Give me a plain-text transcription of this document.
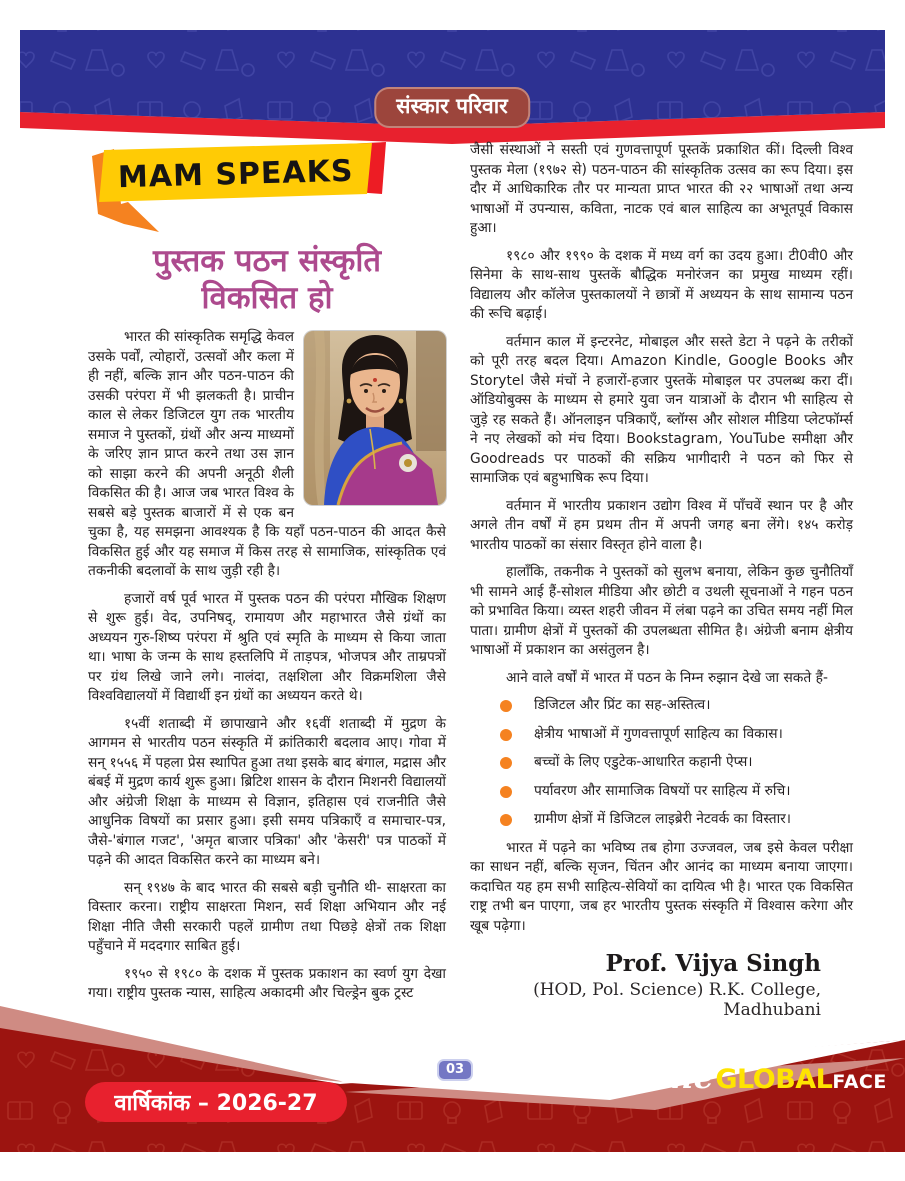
संस्कार परिवार
MAM SPEAKS
पुस्तक पठन संस्कृति
विकसित हो

भारत की सांस्कृतिक समृद्धि केवल उसके पर्वों, त्योहारों, उत्सवों और कला में ही नहीं, बल्कि ज्ञान और पठन-पाठन की उसकी परंपरा में भी झलकती है। प्राचीन काल से लेकर डिजिटल युग तक भारतीय समाज ने पुस्तकों, ग्रंथों और अन्य माध्यमों के जरिए ज्ञान प्राप्त करने तथा उस ज्ञान को साझा करने की अपनी अनूठी शैली विकसित की है। आज जब भारत विश्व के सबसे बड़े पुस्तक बाजारों में से एक बन चुका है, यह समझना आवश्यक है कि यहाँ पठन-पाठन की आदत कैसे विकसित हुई और यह समाज में किस तरह से सामाजिक, सांस्कृतिक एवं तकनीकी बदलावों के साथ जुड़ी रही है।

हजारों वर्ष पूर्व भारत में पुस्तक पठन की परंपरा मौखिक शिक्षण से शुरू हुई। वेद, उपनिषद्, रामायण और महाभारत जैसे ग्रंथों का अध्ययन गुरु-शिष्य परंपरा में श्रुति एवं स्मृति के माध्यम से किया जाता था। भाषा के जन्म के साथ हस्तलिपि में ताड़पत्र, भोजपत्र और ताम्रपत्रों पर ग्रंथ लिखे जाने लगे। नालंदा, तक्षशिला और विक्रमशिला जैसे विश्वविद्यालयों में विद्यार्थी इन ग्रंथों का अध्ययन करते थे।

१५वीं शताब्दी में छापाखाने और १६वीं शताब्दी में मुद्रण के आगमन से भारतीय पठन संस्कृति में क्रांतिकारी बदलाव आए। गोवा में सन् १५५६ में पहला प्रेस स्थापित हुआ तथा इसके बाद बंगाल, मद्रास और बंबई में मुद्रण कार्य शुरू हुआ। ब्रिटिश शासन के दौरान मिशनरी विद्यालयों और अंग्रेजी शिक्षा के माध्यम से विज्ञान, इतिहास एवं राजनीति जैसे आधुनिक विषयों का प्रसार हुआ। इसी समय पत्रिकाएँ व समाचार-पत्र, जैसे-'बंगाल गजट', 'अमृत बाजार पत्रिका' और 'केसरी' पत्र पाठकों में पढ़ने की आदत विकसित करने का माध्यम बने।

सन् १९४७ के बाद भारत की सबसे बड़ी चुनौति थी- साक्षरता का विस्तार करना। राष्ट्रीय साक्षरता मिशन, सर्व शिक्षा अभियान और नई शिक्षा नीति जैसी सरकारी पहलें ग्रामीण तथा पिछड़े क्षेत्रों तक शिक्षा पहुँचाने में मददगार साबित हुई।

१९५० से १९८० के दशक में पुस्तक प्रकाशन का स्वर्ण युग देखा गया। राष्ट्रीय पुस्तक न्यास, साहित्य अकादमी और चिल्ड्रेन बुक ट्रस्ट

जैसी संस्थाओं ने सस्ती एवं गुणवत्तापूर्ण पूस्तकें प्रकाशित कीं। दिल्ली विश्व पुस्तक मेला (१९७२ से) पठन-पाठन की सांस्कृतिक उत्सव का रूप दिया। इस दौर में आधिकारिक तौर पर मान्यता प्राप्त भारत की २२ भाषाओं तथा अन्य भाषाओं में उपन्यास, कविता, नाटक एवं बाल साहित्य का अभूतपूर्व विकास हुआ।

१९८० और १९९० के दशक में मध्य वर्ग का उदय हुआ। टी0वी0 और सिनेमा के साथ-साथ पुस्तकें बौद्धिक मनोरंजन का प्रमुख माध्यम रहीं। विद्यालय और कॉलेज पुस्तकालयों ने छात्रों में अध्ययन के साथ सामान्य पठन की रूचि बढ़ाई।

वर्तमान काल में इन्टरनेट, मोबाइल और सस्ते डेटा ने पढ़ने के तरीकों को पूरी तरह बदल दिया। Amazon Kindle, Google Books और Storytel जैसे मंचों ने हजारों-हजार पुस्तकें मोबाइल पर उपलब्ध करा दीं। ऑडियोबुक्स के माध्यम से हमारे युवा जन यात्राओं के दौरान भी साहित्य से जुड़े रह सकते हैं। ऑनलाइन पत्रिकाएँ, ब्लॉग्स और सोशल मीडिया प्लेटफॉर्म्स ने नए लेखकों को मंच दिया। Bookstagram, YouTube समीक्षा और Goodreads पर पाठकों की सक्रिय भागीदारी ने पठन को फिर से सामाजिक एवं बहुभाषिक रूप दिया।

वर्तमान में भारतीय प्रकाशन उद्योग विश्व में पाँचवें स्थान पर है और अगले तीन वर्षों में हम प्रथम तीन में अपनी जगह बना लेंगे। १४५ करोड़ भारतीय पाठकों का संसार विस्तृत होने वाला है।

हालाँकि, तकनीक ने पुस्तकों को सुलभ बनाया, लेकिन कुछ चुनौतियाँ भी सामने आई हैं-सोशल मीडिया और छोटी व उथली सूचनाओं ने गहन पठन को प्रभावित किया। व्यस्त शहरी जीवन में लंबा पढ़ने का उचित समय नहीं मिल पाता। ग्रामीण क्षेत्रों में पुस्तकों की उपलब्धता सीमित है। अंग्रेजी बनाम क्षेत्रीय भाषाओं में प्रकाशन का असंतुलन है।

आने वाले वर्षों में भारत में पठन के निम्न रुझान देखे जा सकते हैं-

डिजिटल और प्रिंट का सह-अस्तित्व।
क्षेत्रीय भाषाओं में गुणवत्तापूर्ण साहित्य का विकास।
बच्चों के लिए एडुटेक-आधारित कहानी ऐप्स।
पर्यावरण और सामाजिक विषयों पर साहित्य में रुचि।
ग्रामीण क्षेत्रों में डिजिटल लाइब्रेरी नेटवर्क का विस्तार।

भारत में पढ़ने का भविष्य तब होगा उज्जवल, जब इसे केवल परीक्षा का साधन नहीं, बल्कि सृजन, चिंतन और आनंद का माध्यम बनाया जाएगा। कदाचित यह हम सभी साहित्य-सेवियों का दायित्व भी है। भारत एक विकसित राष्ट्र तभी बन पाएगा, जब हर भारतीय पुस्तक संस्कृति में विश्वास करेगा और खूब पढ़ेगा।

Prof. Vijya Singh
(HOD, Pol. Science) R.K. College, Madhubani
वार्षिकांक – 2026-27
03	The GLOBAL FACE
